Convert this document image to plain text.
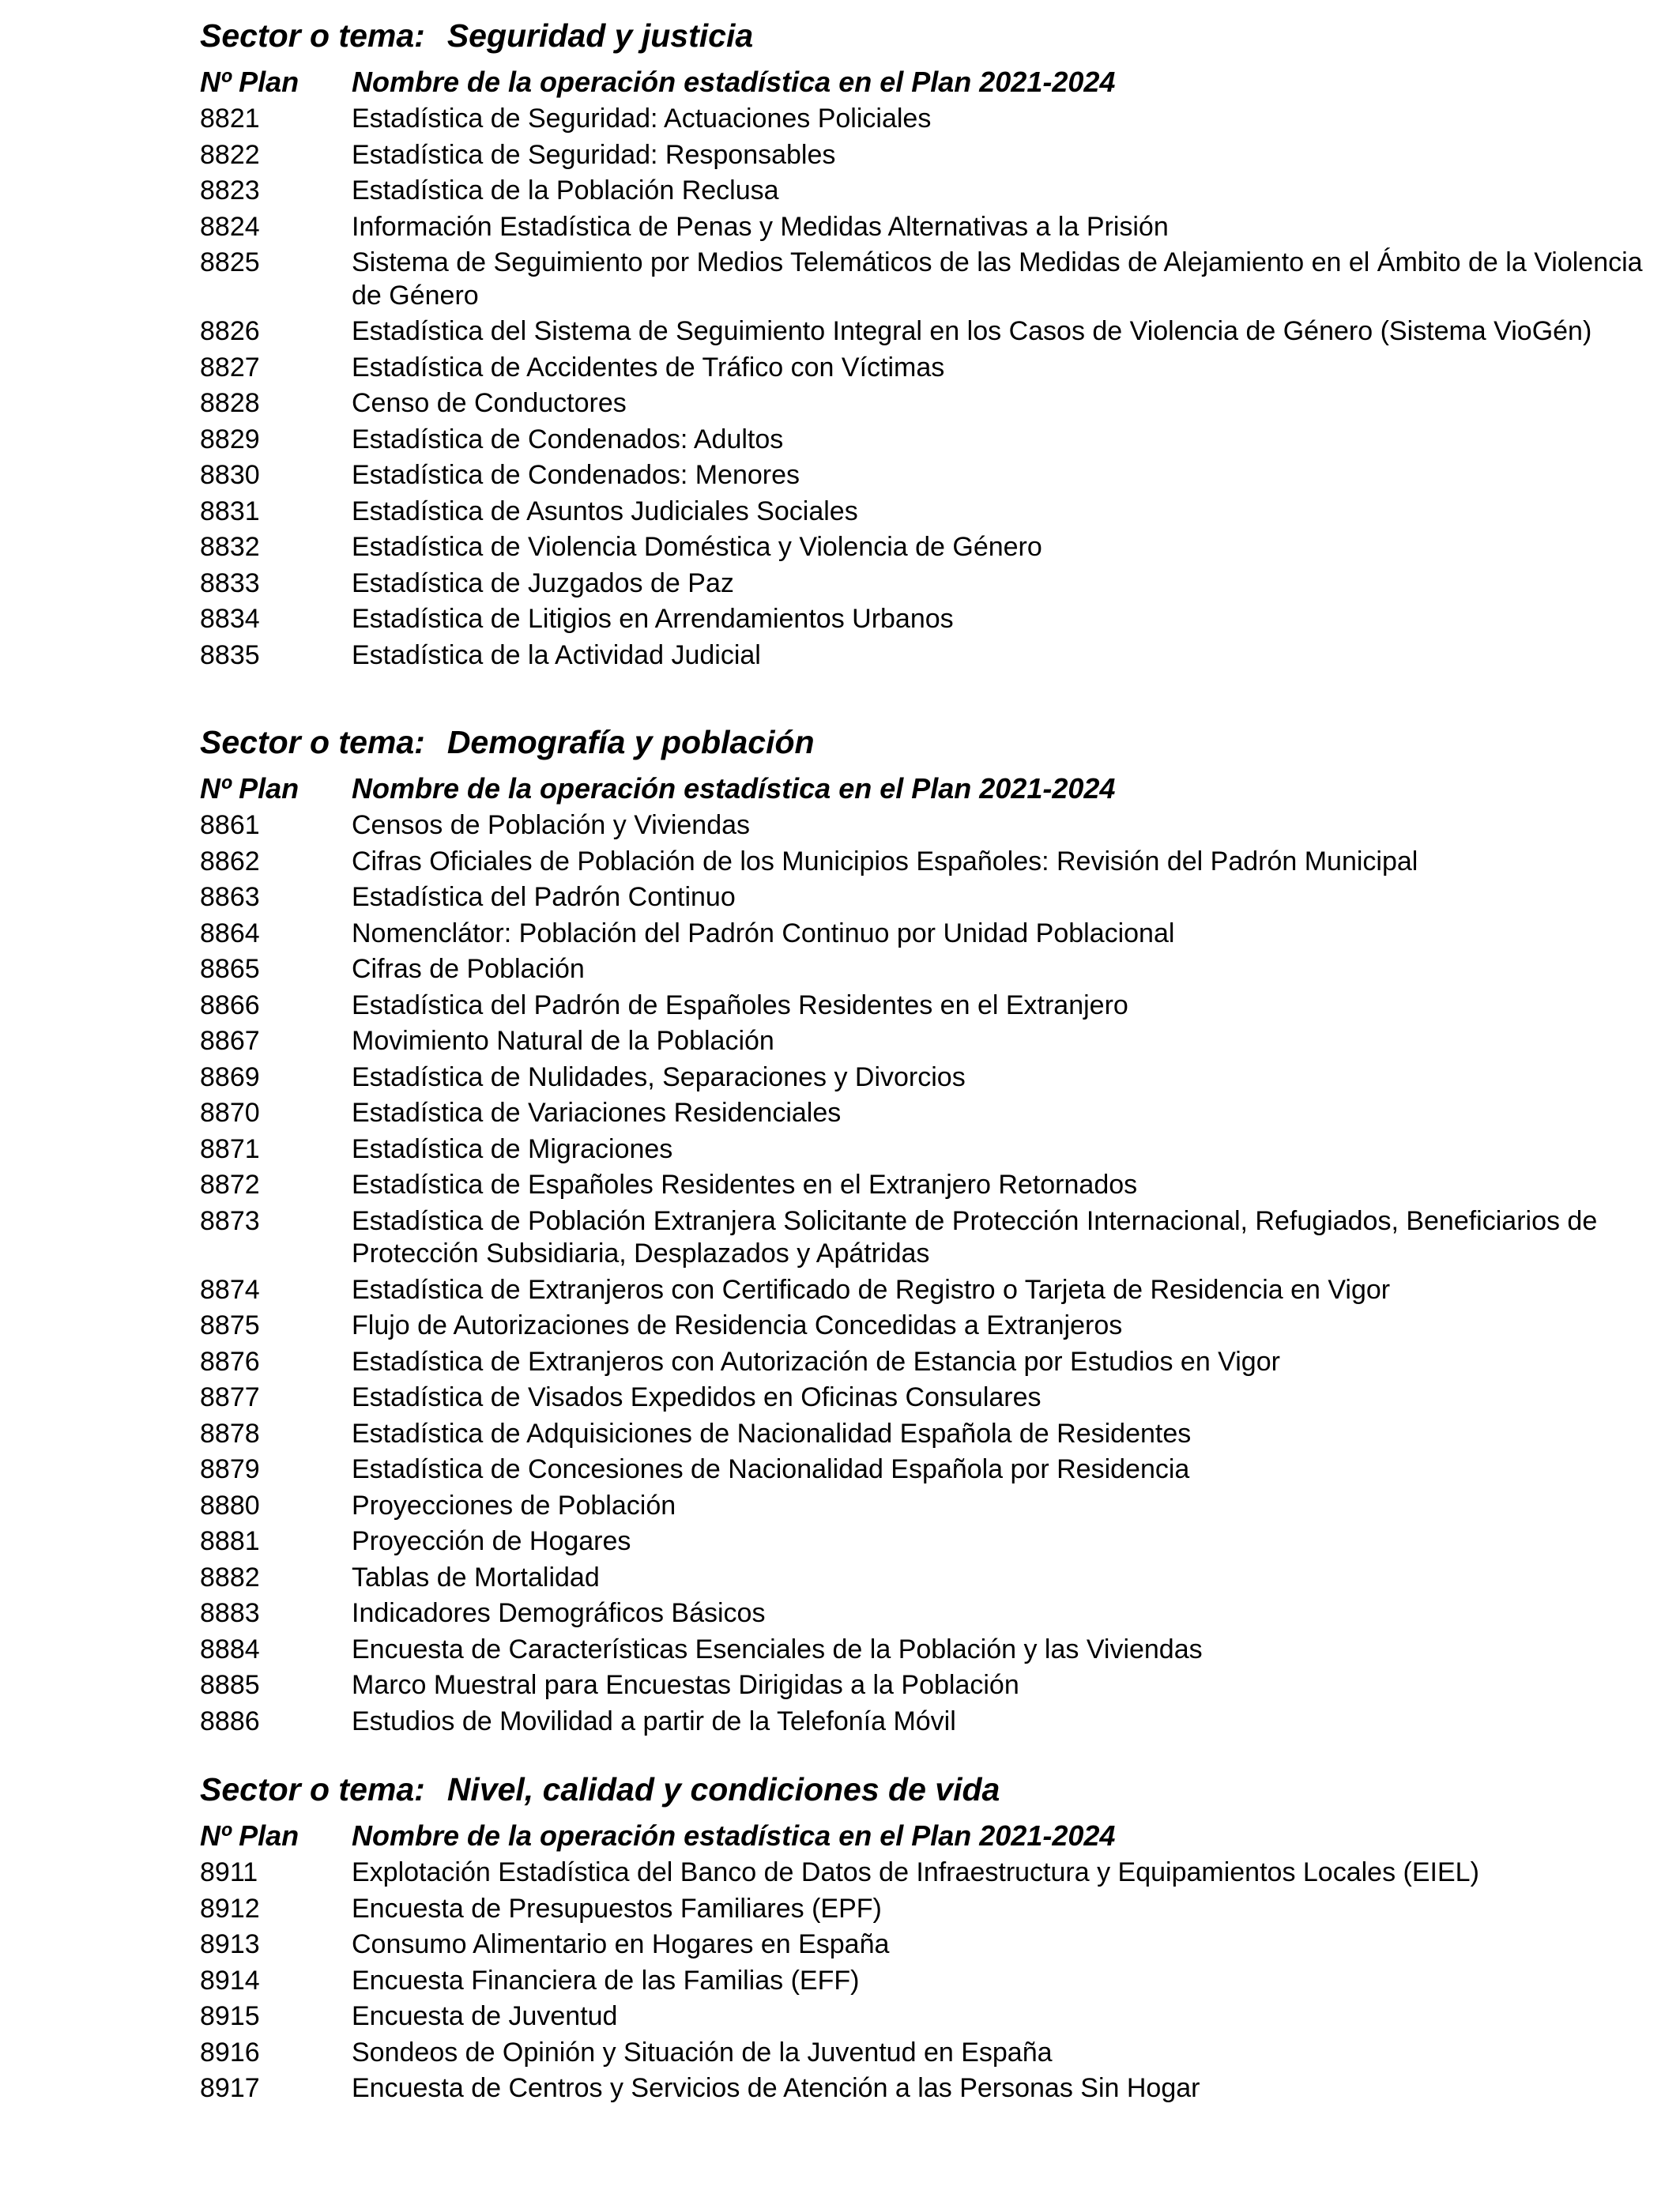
Sector o tema: Seguridad y justicia
Nº Plan	Nombre de la operación estadística en el Plan 2021-2024
8821	Estadística de Seguridad: Actuaciones Policiales
8822	Estadística de Seguridad: Responsables
8823	Estadística de la Población Reclusa
8824	Información Estadística de Penas y Medidas Alternativas a la Prisión
8825	Sistema de Seguimiento por Medios Telemáticos de las Medidas de Alejamiento en el Ámbito de la Violencia de Género
8826	Estadística del Sistema de Seguimiento Integral en los Casos de Violencia de Género (Sistema VioGén)
8827	Estadística de Accidentes de Tráfico con Víctimas
8828	Censo de Conductores
8829	Estadística de Condenados: Adultos
8830	Estadística de Condenados: Menores
8831	Estadística de Asuntos Judiciales Sociales
8832	Estadística de Violencia Doméstica y Violencia de Género
8833	Estadística de Juzgados de Paz
8834	Estadística de Litigios en Arrendamientos Urbanos
8835	Estadística de la Actividad Judicial
Sector o tema: Demografía y población
Nº Plan	Nombre de la operación estadística en el Plan 2021-2024
8861	Censos de Población y Viviendas
8862	Cifras Oficiales de Población de los Municipios Españoles: Revisión del Padrón Municipal
8863	Estadística del Padrón Continuo
8864	Nomenclátor: Población del Padrón Continuo por Unidad Poblacional
8865	Cifras de Población
8866	Estadística del Padrón de Españoles Residentes en el Extranjero
8867	Movimiento Natural de la Población
8869	Estadística de Nulidades, Separaciones y Divorcios
8870	Estadística de Variaciones Residenciales
8871	Estadística de Migraciones
8872	Estadística de Españoles Residentes en el Extranjero Retornados
8873	Estadística de Población Extranjera Solicitante de Protección Internacional, Refugiados, Beneficiarios de Protección Subsidiaria, Desplazados y Apátridas
8874	Estadística de Extranjeros con Certificado de Registro o Tarjeta de Residencia en Vigor
8875	Flujo de Autorizaciones de Residencia Concedidas a Extranjeros
8876	Estadística de Extranjeros con Autorización de Estancia por Estudios en Vigor
8877	Estadística de Visados Expedidos en Oficinas Consulares
8878	Estadística de Adquisiciones de Nacionalidad Española de Residentes
8879	Estadística de Concesiones de Nacionalidad Española por Residencia
8880	Proyecciones de Población
8881	Proyección de Hogares
8882	Tablas de Mortalidad
8883	Indicadores Demográficos Básicos
8884	Encuesta de Características Esenciales de la Población y las Viviendas
8885	Marco Muestral para Encuestas Dirigidas a la Población
8886	Estudios de Movilidad a partir de la Telefonía Móvil
Sector o tema: Nivel, calidad y condiciones de vida
Nº Plan	Nombre de la operación estadística en el Plan 2021-2024
8911	Explotación Estadística del Banco de Datos de Infraestructura y Equipamientos Locales (EIEL)
8912	Encuesta de Presupuestos Familiares (EPF)
8913	Consumo Alimentario en Hogares en España
8914	Encuesta Financiera de las Familias (EFF)
8915	Encuesta de Juventud
8916	Sondeos de Opinión y Situación de la Juventud en España
8917	Encuesta de Centros y Servicios de Atención a las Personas Sin Hogar
